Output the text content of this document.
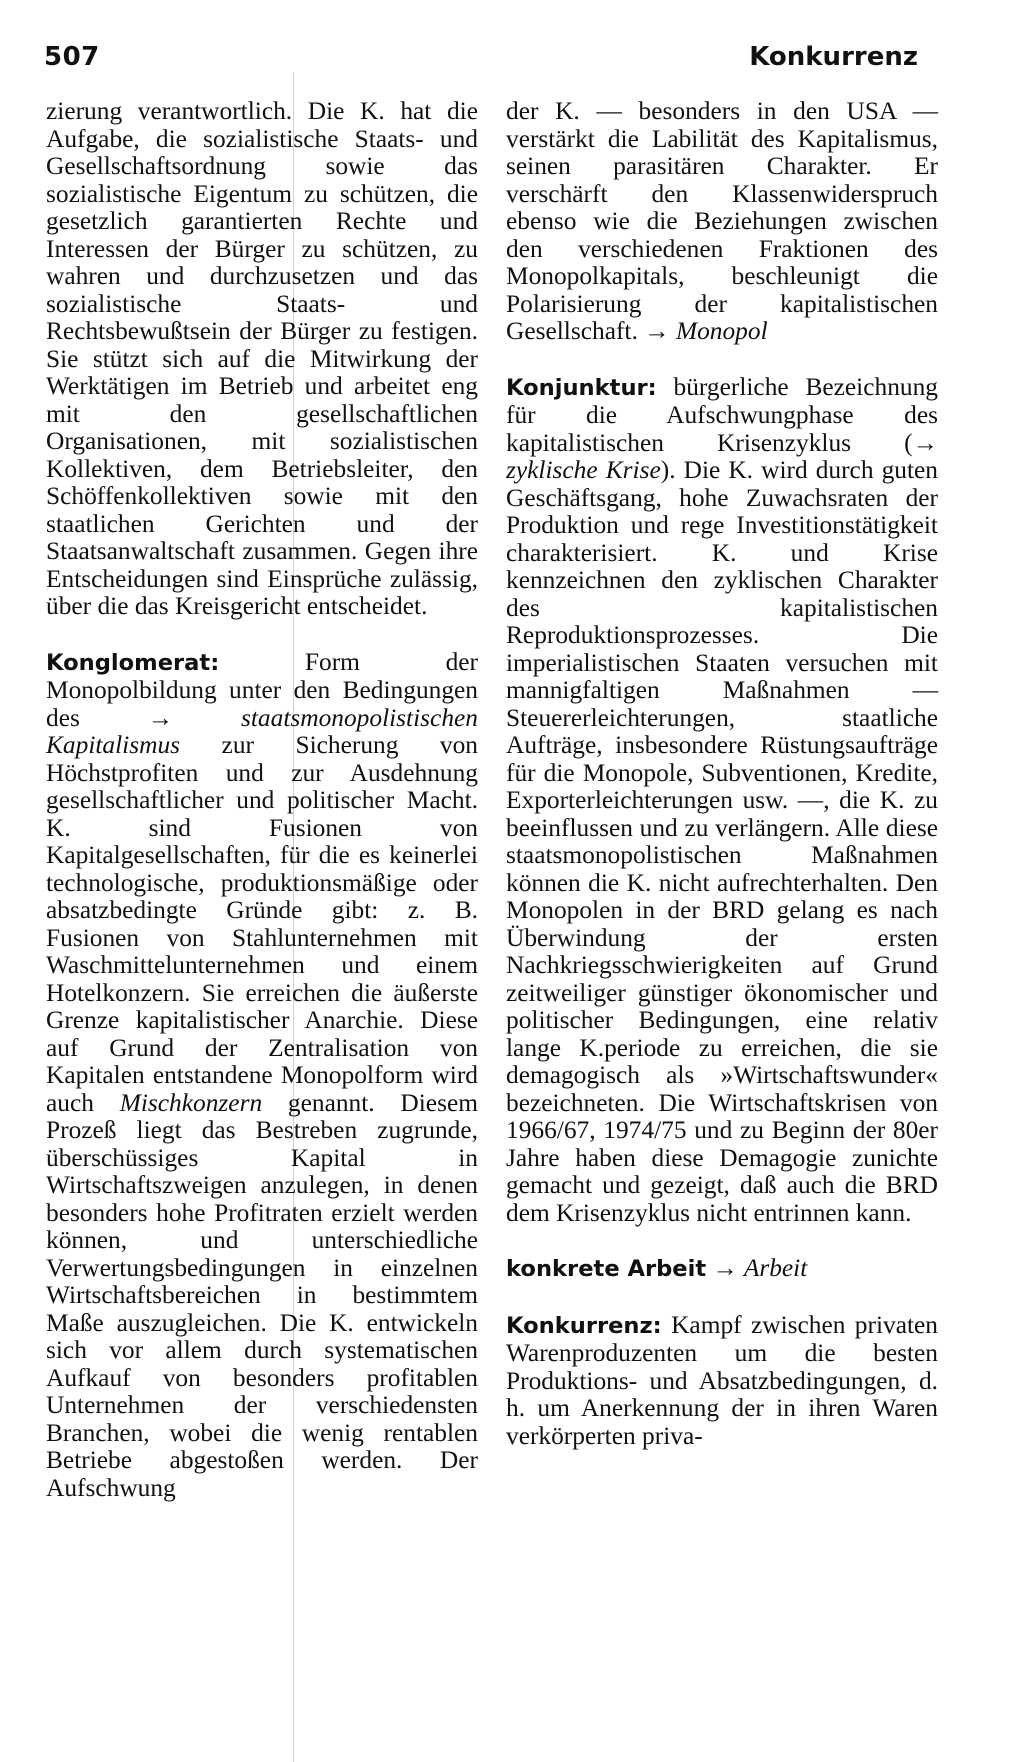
507	Konkurrenz

zierung verantwortlich. Die K. hat die Aufgabe, die sozialistische Staats- und Gesellschaftsordnung sowie das sozialistische Eigentum zu schützen, die gesetzlich garantierten Rechte und Interessen der Bürger zu schützen, zu wahren und durchzusetzen und das sozialistische Staats- und Rechtsbewußtsein der Bürger zu festigen. Sie stützt sich auf die Mitwirkung der Werktätigen im Betrieb und arbeitet eng mit den gesellschaftlichen Organisationen, mit sozialistischen Kollektiven, dem Betriebsleiter, den Schöffenkollektiven sowie mit den staatlichen Gerichten und der Staatsanwaltschaft zusammen. Gegen ihre Entscheidungen sind Einsprüche zulässig, über die das Kreisgericht entscheidet.

Konglomerat:	Form der Monopolbildung unter den Bedingungen des	→ staatsmonopolistischen Kapitalismus zur Sicherung von Höchstprofiten und zur Ausdehnung gesellschaftlicher und politischer Macht. K. sind Fusionen von Kapitalgesellschaften, für die es keinerlei technologische, produktionsmäßige oder absatzbedingte Gründe gibt: z. B. Fusionen von Stahlunternehmen mit Waschmittelunternehmen und einem Hotelkonzern. Sie erreichen die äußerste Grenze kapitalistischer Anarchie. Diese auf Grund der Zentralisation von Kapitalen entstandene Monopolform wird auch Mischkonzern genannt. Diesem Prozeß liegt das Bestreben zugrunde, überschüssiges Kapital in Wirtschaftszweigen anzulegen, in denen besonders hohe Profitraten erzielt werden können, und unterschiedliche Verwertungsbedingungen in einzelnen Wirtschaftsbereichen in bestimmtem Maße auszugleichen. Die K. entwickeln sich vor allem durch systematischen Aufkauf von besonders profitablen Unternehmen der verschiedensten Branchen, wobei die wenig rentablen Betriebe abgestoßen werden. Der Aufschwung

der K. — besonders in den USA — verstärkt die Labilität des Kapitalismus, seinen parasitären Charakter. Er verschärft den Klassenwiderspruch ebenso wie die Beziehungen zwischen den verschiedenen Fraktionen des Monopolkapitals, beschleunigt die Polarisierung der kapitalistischen Gesellschaft. → Monopol

Konjunktur: bürgerliche Bezeichnung für die Aufschwungphase des kapitalistischen Krisenzyklus (→ zyklische Krise). Die K. wird durch guten Geschäftsgang, hohe Zuwachsraten der Produktion und rege Investitionstätigkeit charakterisiert. K. und Krise kennzeichnen den zyklischen Charakter des kapitalistischen Reproduktionsprozesses. Die imperialistischen Staaten versuchen mit mannigfaltigen Maßnahmen — Steuererleichterungen, staatliche Aufträge, insbesondere Rüstungsaufträge für die Monopole, Subventionen, Kredite, Exporterleichterungen usw. —, die K. zu beeinflussen und zu verlängern. Alle diese staatsmonopolistischen Maßnahmen können die K. nicht aufrechterhalten. Den Monopolen in der BRD gelang es nach Überwindung der ersten Nachkriegsschwierigkeiten auf Grund zeitweiliger günstiger ökonomischer und politischer Bedingungen, eine relativ lange K.periode zu erreichen, die sie demagogisch als »Wirtschaftswunder« bezeichneten. Die Wirtschaftskrisen von 1966/67, 1974/75 und zu Beginn der 80er Jahre haben diese Demagogie zunichte gemacht und gezeigt, daß auch die BRD dem Krisenzyklus nicht entrinnen kann.

konkrete Arbeit → Arbeit

Konkurrenz: Kampf zwischen privaten Warenproduzenten um die besten Produktions- und Absatzbedingungen, d. h. um Anerkennung der in ihren Waren verkörperten priva-
